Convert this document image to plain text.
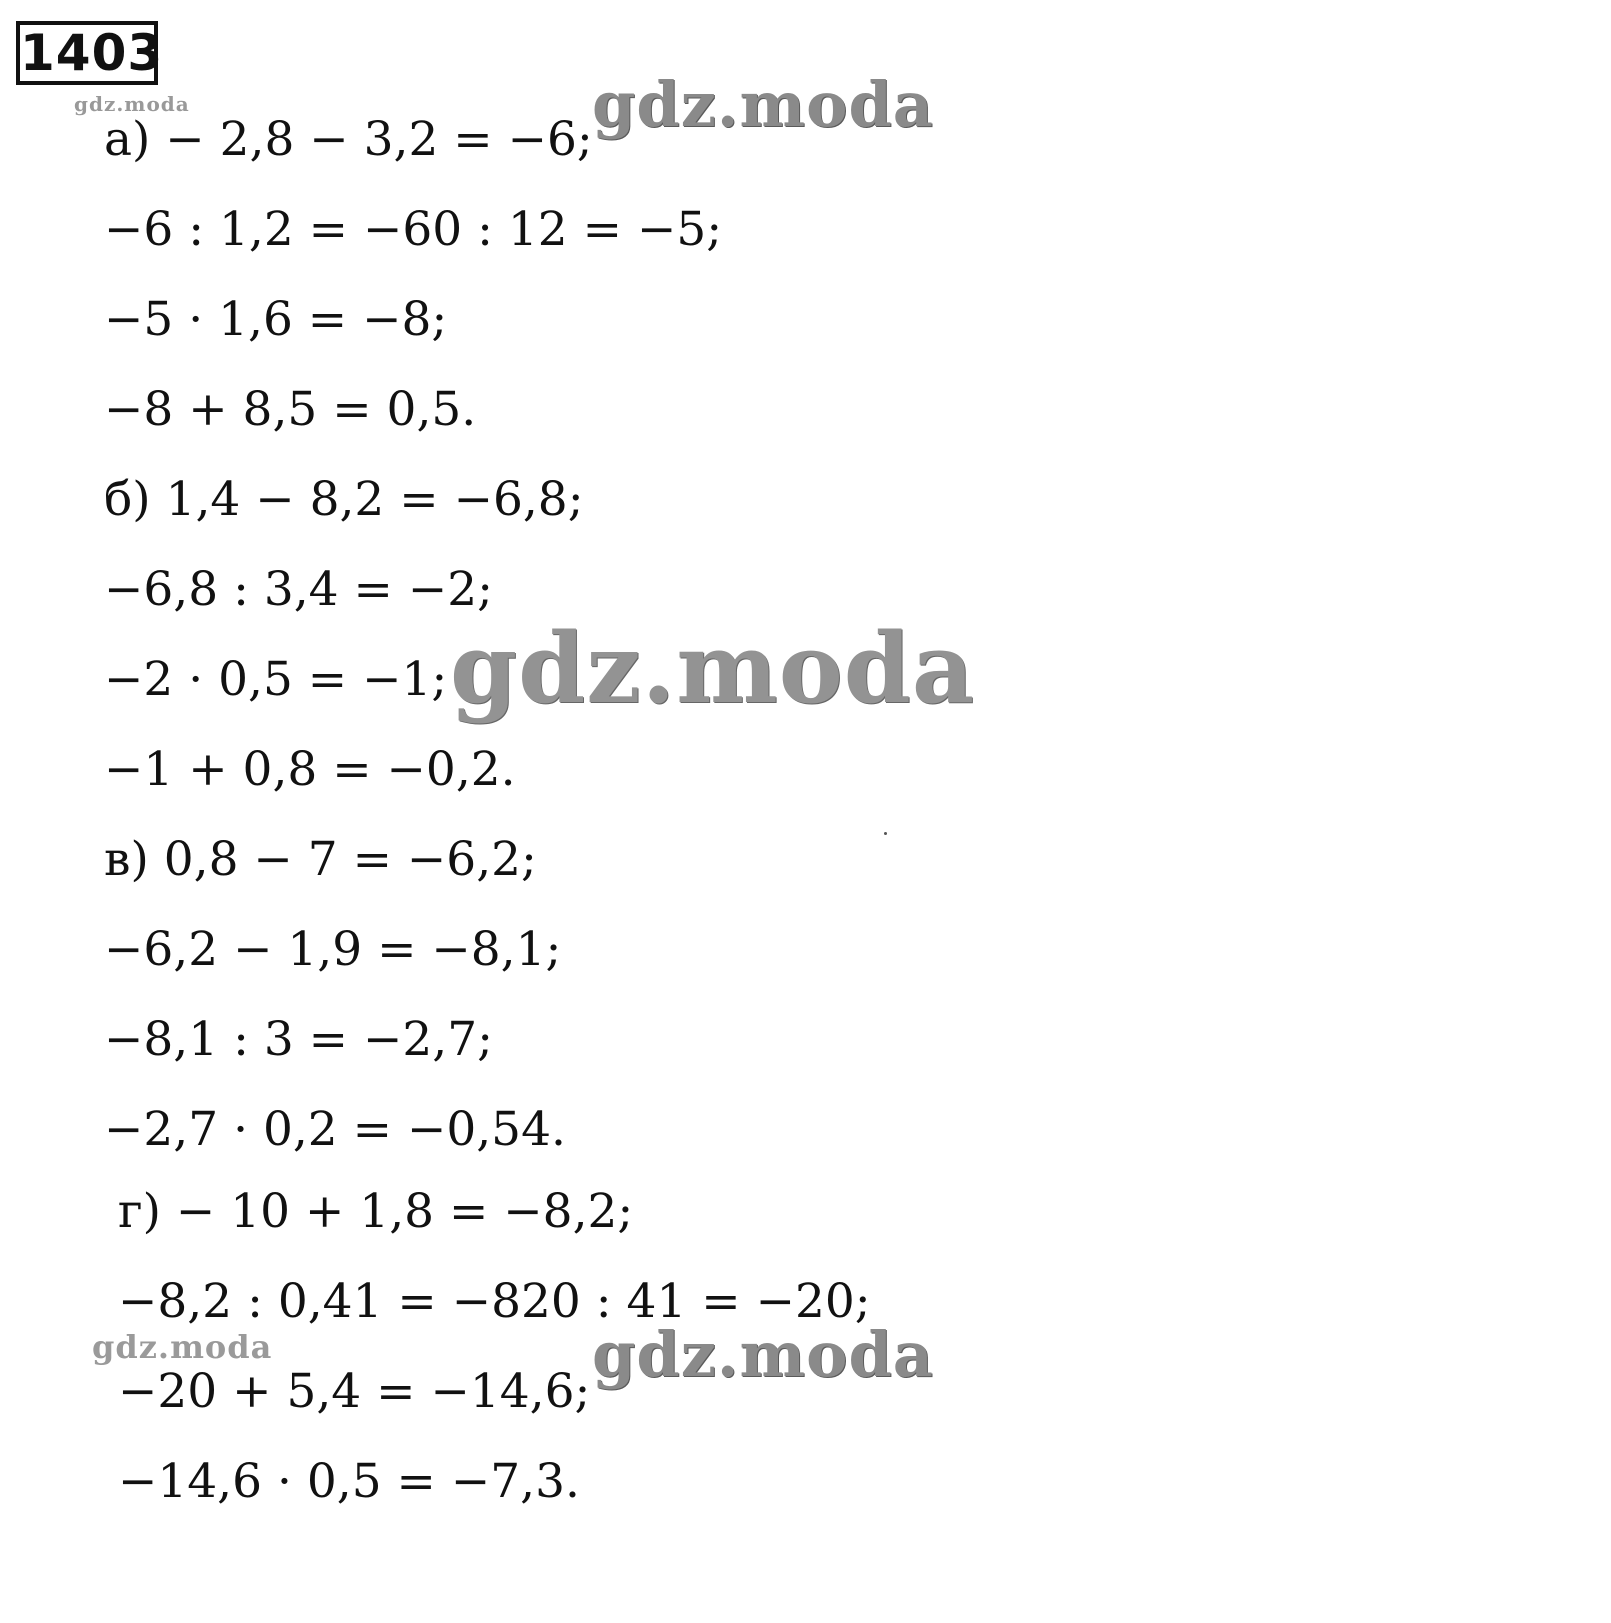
1403
gdz.moda
а) − 2,8 − 3,2 = −6;
−6 : 1,2 = −60 : 12 = −5;
−5 · 1,6 = −8;
−8 + 8,5 = 0,5.
б) 1,4 − 8,2 = −6,8;
−6,8 : 3,4 = −2;
−2 · 0,5 = −1;
−1 + 0,8 = −0,2.
в) 0,8 − 7 = −6,2;
−6,2 − 1,9 = −8,1;
−8,1 : 3 = −2,7;
−2,7 · 0,2 = −0,54.
г) − 10 + 1,8 = −8,2;
−8,2 : 0,41 = −820 : 41 = −20;
−20 + 5,4 = −14,6;
−14,6 · 0,5 = −7,3.
gdz.moda
gdz.moda
gdz.moda	gdz.moda
